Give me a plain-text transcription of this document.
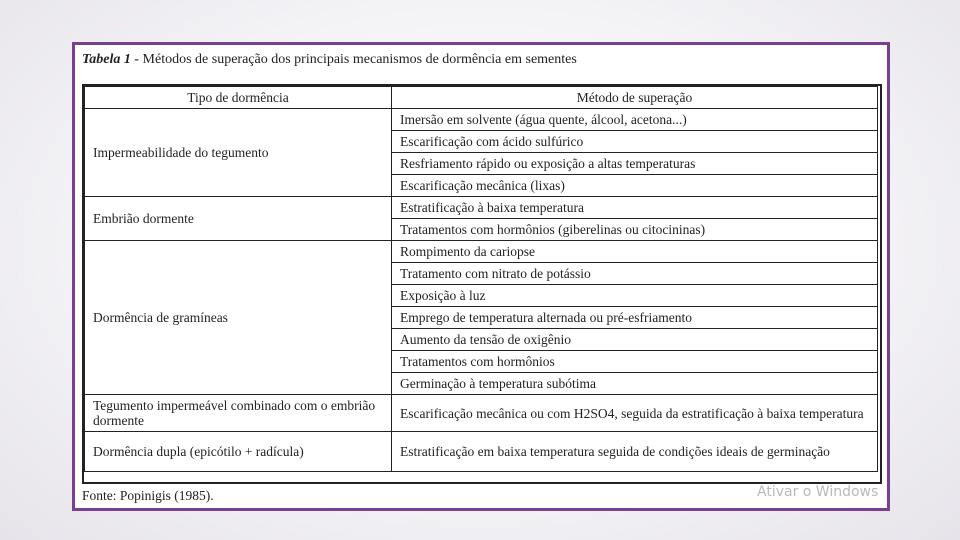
Tabela 1 - Métodos de superação dos principais mecanismos de dormência em sementes
Tipo de dormência	Método de superação
Impermeabilidade do tegumento	Imersão em solvente (água quente, álcool, acetona...)
	Escarificação com ácido sulfúrico
	Resfriamento rápido ou exposição a altas temperaturas
	Escarificação mecânica (lixas)
Embrião dormente	Estratificação à baixa temperatura
	Tratamentos com hormônios (giberelinas ou citocininas)
Dormência de gramíneas	Rompimento da cariopse
	Tratamento com nitrato de potássio
	Exposição à luz
	Emprego de temperatura alternada ou pré-esfriamento
	Aumento da tensão de oxigênio
	Tratamentos com hormônios
	Germinação à temperatura subótima
Tegumento impermeável combinado com o embrião dormente	Escarificação mecânica ou com H2SO4, seguida da estratificação à baixa temperatura
Dormência dupla (epicótilo + radícula)	Estratificação em baixa temperatura seguida de condições ideais de germinação
Fonte: Popinigis (1985).	Ativar o Windows
